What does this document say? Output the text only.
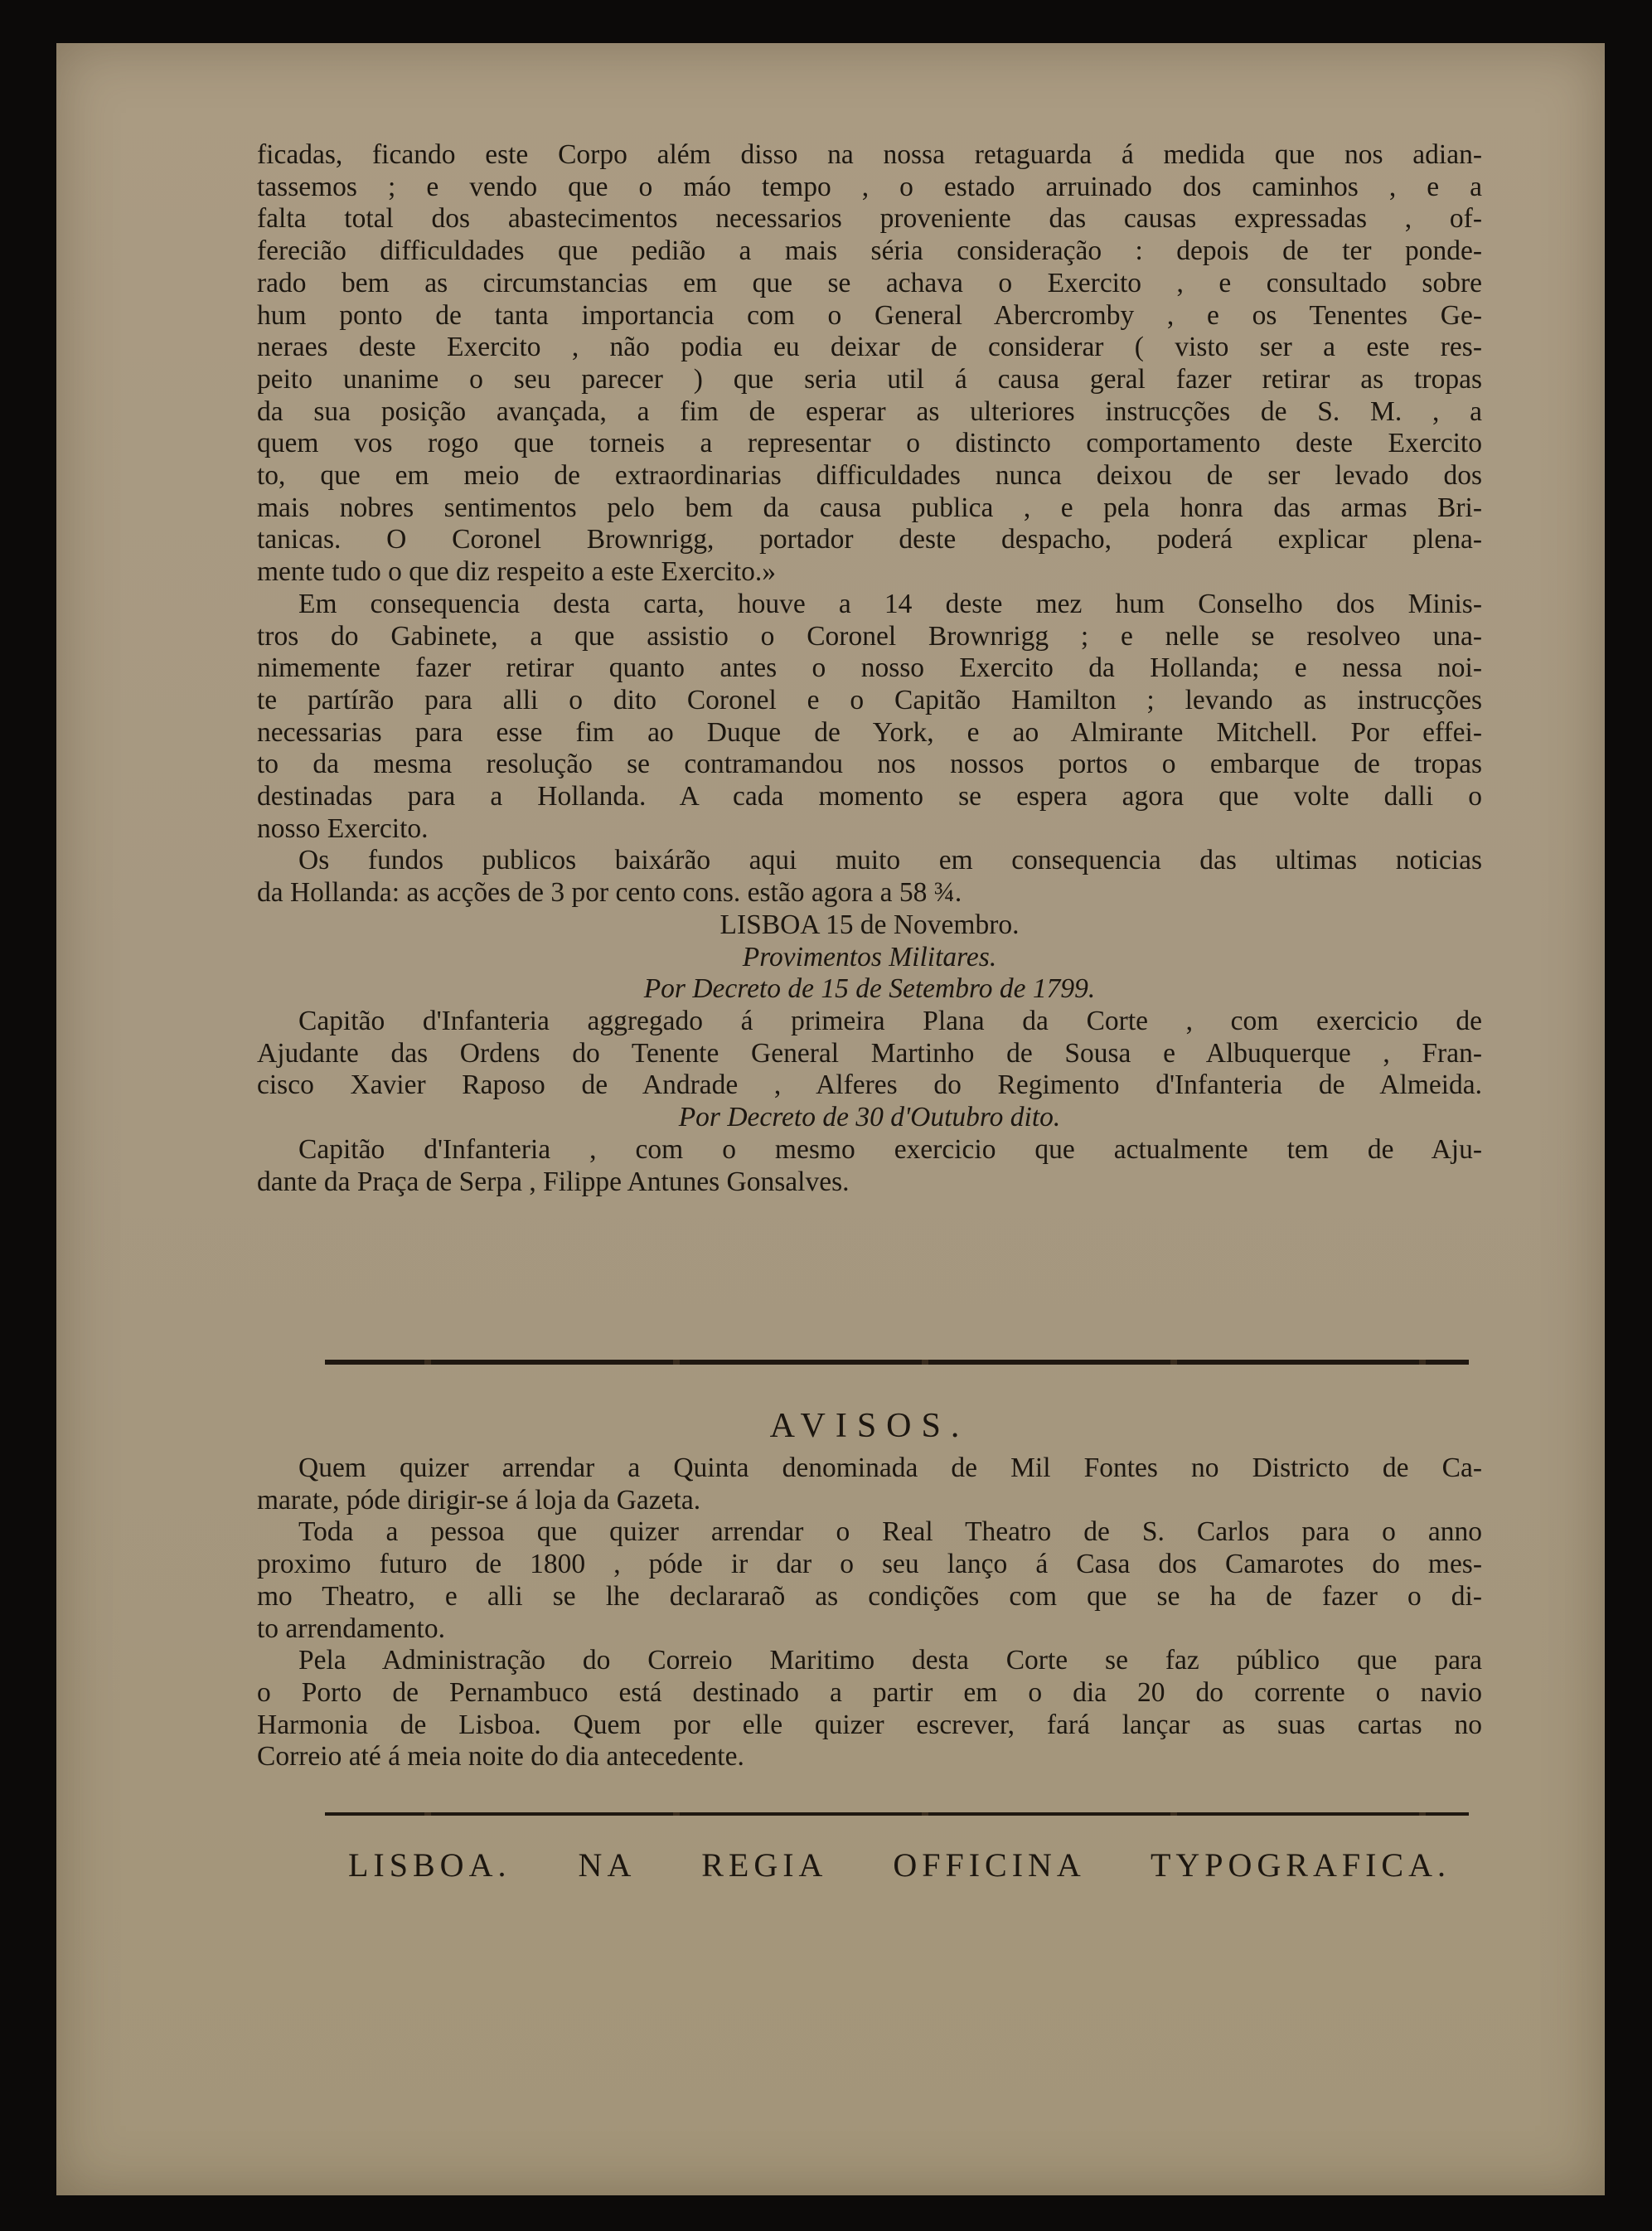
ficadas, ficando este Corpo além disso na nossa retaguarda á medida que nos adian-
tassemos ; e vendo que o máo tempo , o estado arruinado dos caminhos , e a
falta total dos abastecimentos necessarios proveniente das causas expressadas , of-
ferecião difficuldades que pedião a mais séria consideração : depois de ter ponde-
rado bem as circumstancias em que se achava o Exercito , e consultado sobre
hum ponto de tanta importancia com o General Abercromby , e os Tenentes Ge-
neraes deste Exercito , não podia eu deixar de considerar ( visto ser a este res-
peito unanime o seu parecer ) que seria util á causa geral fazer retirar as tropas
da sua posição avançada, a fim de esperar as ulteriores instrucções de S. M. , a
quem vos rogo que torneis a representar o distincto comportamento deste Exercito
to, que em meio de extraordinarias difficuldades nunca deixou de ser levado dos
mais nobres sentimentos pelo bem da causa publica , e pela honra das armas Bri-
tanicas. O Coronel Brownrigg, portador deste despacho, poderá explicar plena-
mente tudo o que diz respeito a este Exercito.»
Em consequencia desta carta, houve a 14 deste mez hum Conselho dos Minis-
tros do Gabinete, a que assistio o Coronel Brownrigg ; e nelle se resolveo una-
nimemente fazer retirar quanto antes o nosso Exercito da Hollanda; e nessa noi-
te partírão para alli o dito Coronel e o Capitão Hamilton ; levando as instrucções
necessarias para esse fim ao Duque de York, e ao Almirante Mitchell. Por effei-
to da mesma resolução se contramandou nos nossos portos o embarque de tropas
destinadas para a Hollanda. A cada momento se espera agora que volte dalli o
nosso Exercito.
Os fundos publicos baixárão aqui muito em consequencia das ultimas noticias
da Hollanda: as acções de 3 por cento cons. estão agora a 58 ¾.
LISBOA 15 de Novembro.
Provimentos Militares.
Por Decreto de 15 de Setembro de 1799.
Capitão d'Infanteria aggregado á primeira Plana da Corte , com exercicio de
Ajudante das Ordens do Tenente General Martinho de Sousa e Albuquerque , Fran-
cisco Xavier Raposo de Andrade , Alferes do Regimento d'Infanteria de Almeida.
Por Decreto de 30 d'Outubro dito.
Capitão d'Infanteria , com o mesmo exercicio que actualmente tem de Aju-
dante da Praça de Serpa , Filippe Antunes Gonsalves.
AVISOS.
Quem quizer arrendar a Quinta denominada de Mil Fontes no Districto de Ca-
marate, póde dirigir-se á loja da Gazeta.
Toda a pessoa que quizer arrendar o Real Theatro de S. Carlos para o anno
proximo futuro de 1800 , póde ir dar o seu lanço á Casa dos Camarotes do mes-
mo Theatro, e alli se lhe declararaõ as condições com que se ha de fazer o di-
to arrendamento.
Pela Administração do Correio Maritimo desta Corte se faz público que para
o Porto de Pernambuco está destinado a partir em o dia 20 do corrente o navio
Harmonia de Lisboa. Quem por elle quizer escrever, fará lançar as suas cartas no
Correio até á meia noite do dia antecedente.
LISBOA. NA REGIA OFFICINA TYPOGRAFICA.
